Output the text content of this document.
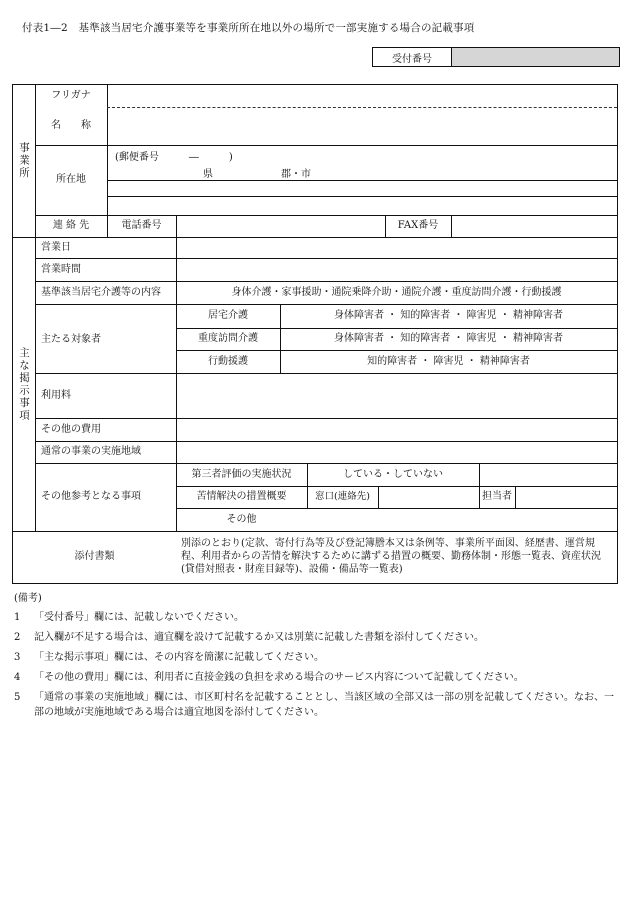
付表1―2　基準該当居宅介護事業等を事業所所在地以外の場所で一部実施する場合の記載事項
受付番号
事業所
フリガナ
名　　称
所在地
(郵便番号　　　―　　　)
県	郡・市
連 絡 先	電話番号	FAX番号
主な掲示事項
営業日
営業時間
基準該当居宅介護等の内容	身体介護・家事援助・通院乗降介助・通院介護・重度訪問介護・行動援護
主たる対象者
居宅介護	身体障害者 ・ 知的障害者 ・ 障害児 ・ 精神障害者
重度訪問介護	身体障害者 ・ 知的障害者 ・ 障害児 ・ 精神障害者
行動援護	知的障害者 ・ 障害児 ・ 精神障害者
利用料
その他の費用
通常の事業の実施地域
その他参考となる事項
第三者評価の実施状況	している・していない
苦情解決の措置概要	窓口(連絡先)	担当者
その他
添付書類
別添のとおり(定款、寄付行為等及び登記簿謄本又は条例等、事業所平面図、経歴書、運営規程、利用者からの苦情を解決するために講ずる措置の概要、勤務体制・形態一覧表、資産状況(貸借対照表・財産目録等)、設備・備品等一覧表)

(備考)

1	「受付番号」欄には、記載しないでください。
2	記入欄が不足する場合は、適宜欄を設けて記載するか又は別葉に記載した書類を添付してください。
3	「主な掲示事項」欄には、その内容を簡潔に記載してください。
4	「その他の費用」欄には、利用者に直接金銭の負担を求める場合のサービス内容について記載してください。
5	「通常の事業の実施地域」欄には、市区町村名を記載することとし、当該区域の全部又は一部の別を記載してください。なお、一部の地域が実施地域である場合は適宜地図を添付してください。
